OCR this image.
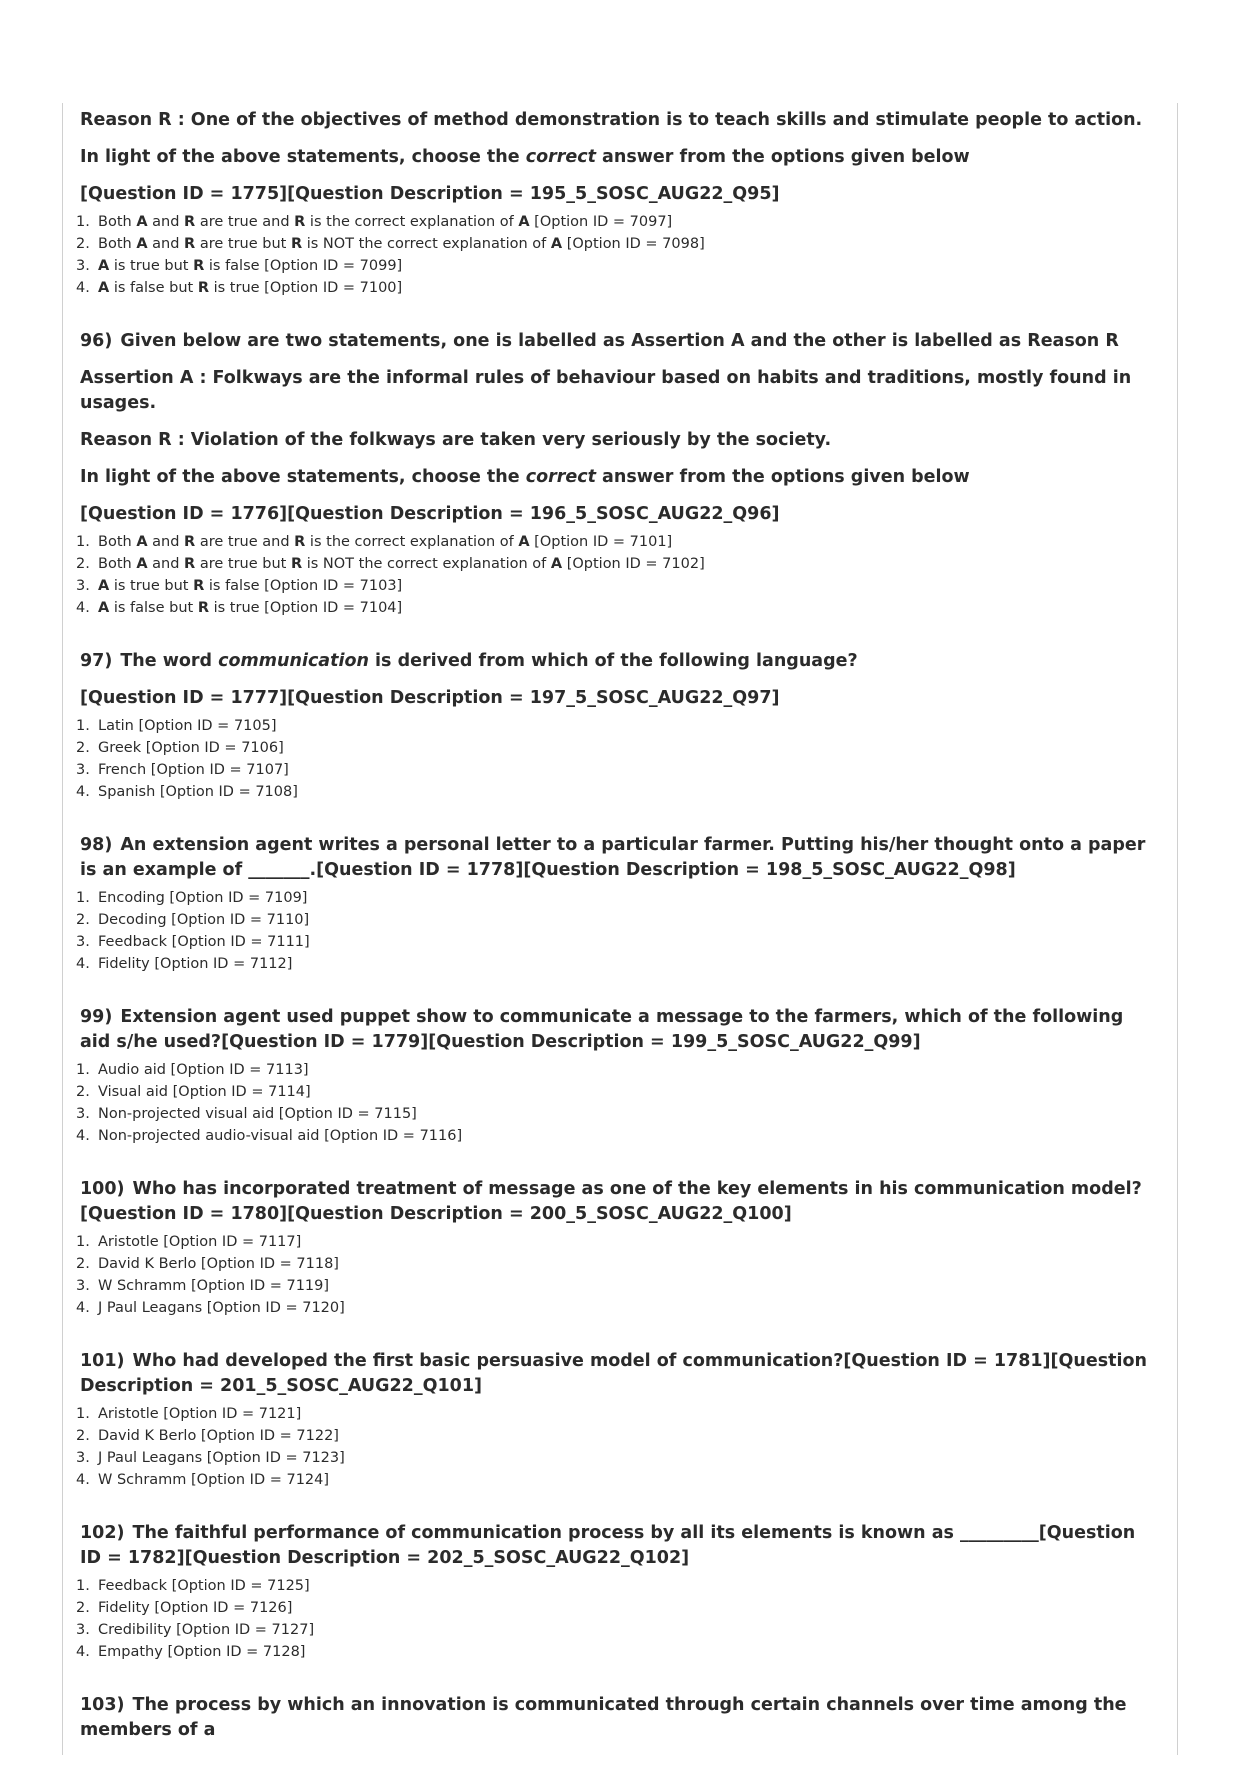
Reason R : One of the objectives of method demonstration is to teach skills and stimulate people to action.

In light of the above statements, choose the correct answer from the options given below

[Question ID = 1775][Question Description = 195_5_SOSC_AUG22_Q95]

1. Both A and R are true and R is the correct explanation of A [Option ID = 7097]
2. Both A and R are true but R is NOT the correct explanation of A [Option ID = 7098]
3. A is true but R is false [Option ID = 7099]
4. A is false but R is true [Option ID = 7100]

96) Given below are two statements, one is labelled as Assertion A and the other is labelled as Reason R

Assertion A : Folkways are the informal rules of behaviour based on habits and traditions, mostly found in usages.

Reason R : Violation of the folkways are taken very seriously by the society.

In light of the above statements, choose the correct answer from the options given below

[Question ID = 1776][Question Description = 196_5_SOSC_AUG22_Q96]

1. Both A and R are true and R is the correct explanation of A [Option ID = 7101]
2. Both A and R are true but R is NOT the correct explanation of A [Option ID = 7102]
3. A is true but R is false [Option ID = 7103]
4. A is false but R is true [Option ID = 7104]

97) The word communication is derived from which of the following language?

[Question ID = 1777][Question Description = 197_5_SOSC_AUG22_Q97]

1. Latin [Option ID = 7105]
2. Greek [Option ID = 7106]
3. French [Option ID = 7107]
4. Spanish [Option ID = 7108]

98) An extension agent writes a personal letter to a particular farmer. Putting his/her thought onto a paper is an example of _______.[Question ID = 1778][Question Description = 198_5_SOSC_AUG22_Q98]

1. Encoding [Option ID = 7109]
2. Decoding [Option ID = 7110]
3. Feedback [Option ID = 7111]
4. Fidelity [Option ID = 7112]

99) Extension agent used puppet show to communicate a message to the farmers, which of the following aid s/he used?[Question ID = 1779][Question Description = 199_5_SOSC_AUG22_Q99]

1. Audio aid [Option ID = 7113]
2. Visual aid [Option ID = 7114]
3. Non-projected visual aid [Option ID = 7115]
4. Non-projected audio-visual aid [Option ID = 7116]

100) Who has incorporated treatment of message as one of the key elements in his communication model?[Question ID = 1780][Question Description = 200_5_SOSC_AUG22_Q100]

1. Aristotle [Option ID = 7117]
2. David K Berlo [Option ID = 7118]
3. W Schramm [Option ID = 7119]
4. J Paul Leagans [Option ID = 7120]

101) Who had developed the first basic persuasive model of communication?[Question ID = 1781][Question Description = 201_5_SOSC_AUG22_Q101]

1. Aristotle [Option ID = 7121]
2. David K Berlo [Option ID = 7122]
3. J Paul Leagans [Option ID = 7123]
4. W Schramm [Option ID = 7124]

102) The faithful performance of communication process by all its elements is known as _________[Question ID = 1782][Question Description = 202_5_SOSC_AUG22_Q102]

1. Feedback [Option ID = 7125]
2. Fidelity [Option ID = 7126]
3. Credibility [Option ID = 7127]
4. Empathy [Option ID = 7128]

103) The process by which an innovation is communicated through certain channels over time among the members of a
